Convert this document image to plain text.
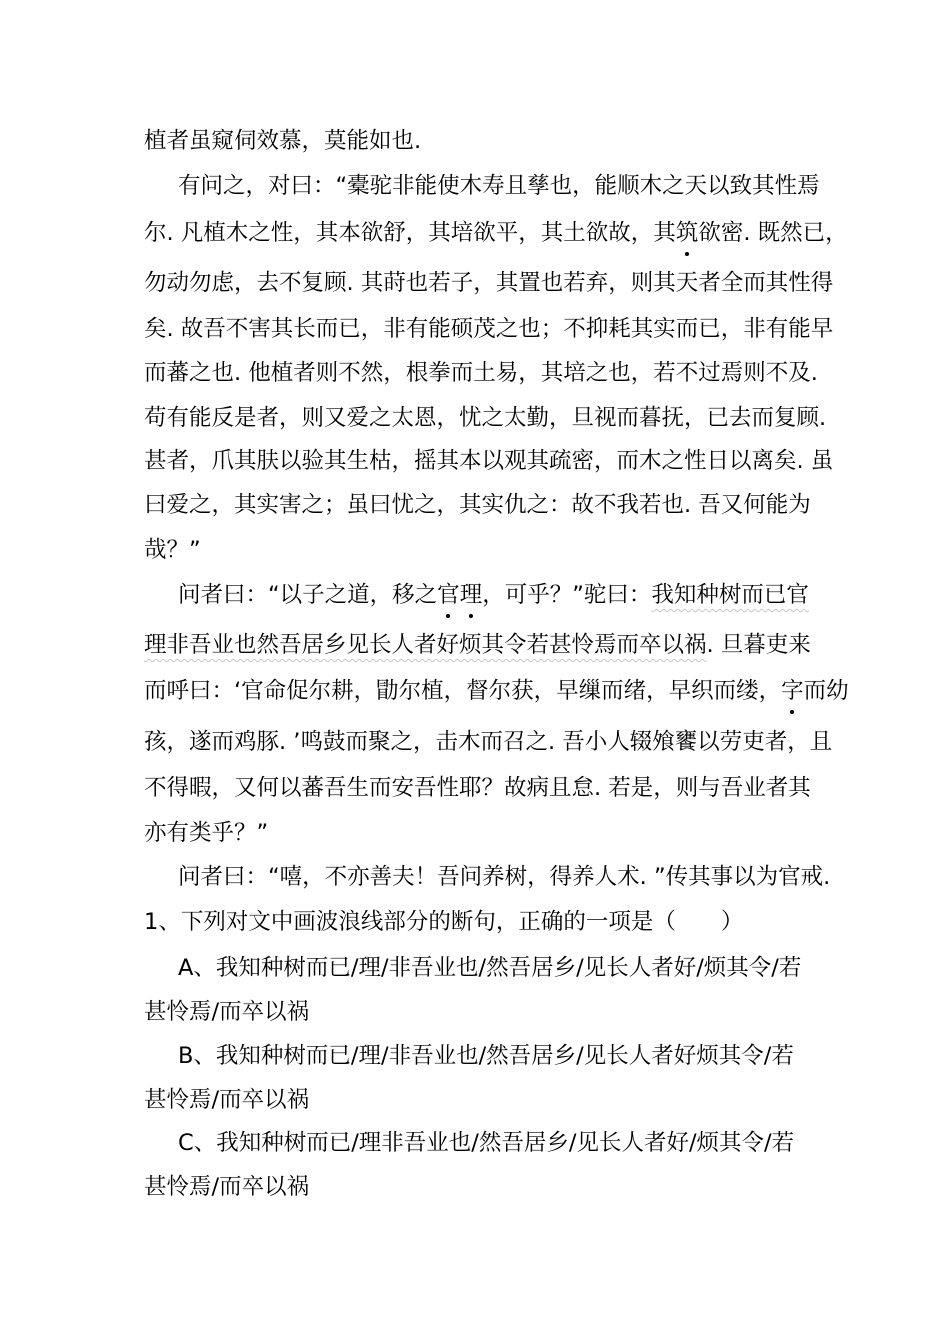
植者虽窥伺效慕，莫能如也.
有问之，对曰：“橐驼非能使木寿且孳也，能顺木之天以致其性焉
尔. 凡植木之性，其本欲舒，其培欲平，其土欲故，其筑欲密. 既然已，
勿动勿虑，去不复顾. 其莳也若子，其置也若弃，则其天者全而其性得
矣. 故吾不害其长而已，非有能硕茂之也；不抑耗其实而已，非有能早
而蕃之也. 他植者则不然，根拳而土易，其培之也，若不过焉则不及.
苟有能反是者，则又爱之太恩，忧之太勤，旦视而暮抚，已去而复顾.
甚者，爪其肤以验其生枯，摇其本以观其疏密，而木之性日以离矣. 虽
曰爱之，其实害之；虽曰忧之，其实仇之：故不我若也. 吾又何能为
哉？”
问者曰：“以子之道，移之官理，可乎？”驼曰：我知种树而已官
理非吾业也然吾居乡见长人者好烦其令若甚怜焉而卒以祸. 旦暮吏来
而呼曰：‘官命促尔耕，勖尔植，督尔获，早缫而绪，早织而缕，字而幼
孩，遂而鸡豚. ’鸣鼓而聚之，击木而召之. 吾小人辍飧饔以劳吏者，且
不得暇，又何以蕃吾生而安吾性耶？故病且怠. 若是，则与吾业者其
亦有类乎？”
问者曰：“嘻，不亦善夫！吾问养树，得养人术. ”传其事以为官戒.
1、下列对文中画波浪线部分的断句，正确的一项是（　　）
A、我知种树而已/理/非吾业也/然吾居乡/见长人者好/烦其令/若
甚怜焉/而卒以祸
B、我知种树而已/理/非吾业也/然吾居乡/见长人者好烦其令/若
甚怜焉/而卒以祸
C、我知种树而已/理非吾业也/然吾居乡/见长人者好/烦其令/若
甚怜焉/而卒以祸
